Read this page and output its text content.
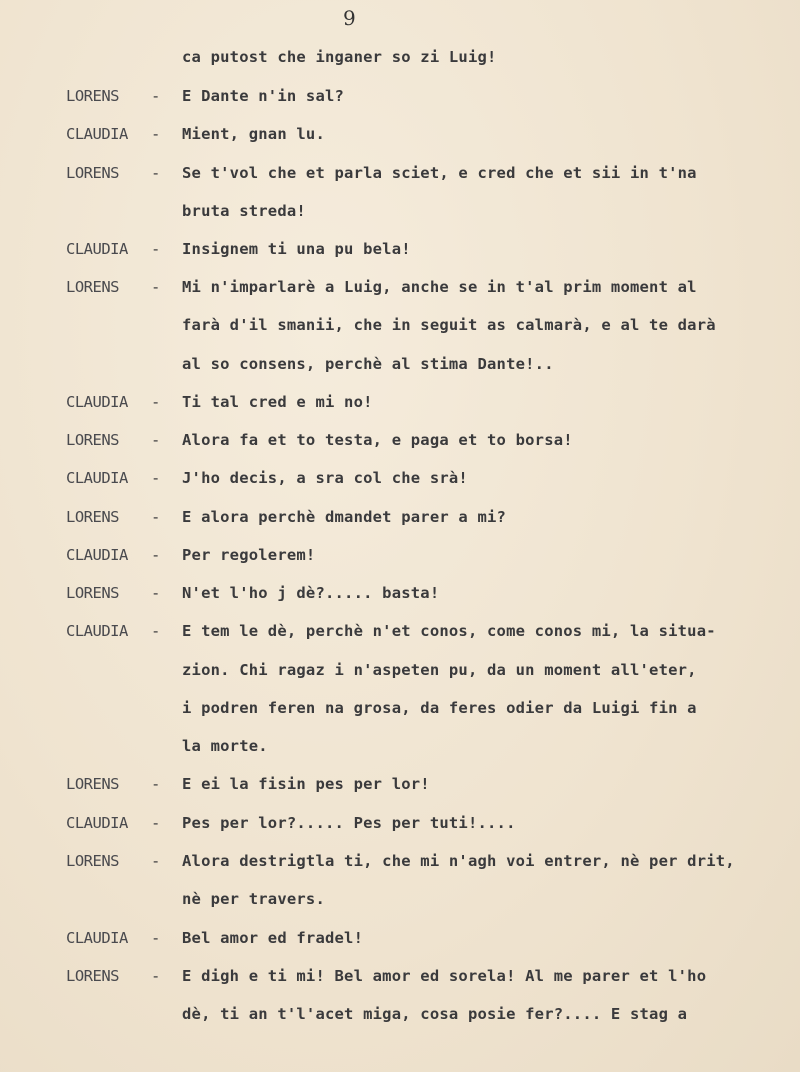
9
ca putost che inganer so zi Luig!
LORENS - E Dante n'in sal?
CLAUDIA - Mient, gnan lu.
LORENS - Se t'vol che et parla sciet, e cred che et sii in t'na
bruta streda!
CLAUDIA - Insignem ti una pu bela!
LORENS - Mi n'imparlarè a Luig, anche se in t'al prim moment al
farà d'il smanii, che in seguit as calmarà, e al te darà
al so consens, perchè al stima Dante!..
CLAUDIA - Ti tal cred e mi no!
LORENS - Alora fa et to testa, e paga et to borsa!
CLAUDIA - J'ho decis, a sra col che srà!
LORENS - E alora perchè dmandet parer a mi?
CLAUDIA - Per regolerem!
LORENS - N'et l'ho j dè?..... basta!
CLAUDIA - E tem le dè, perchè n'et conos, come conos mi, la situa-
zion. Chi ragaz i n'aspeten pu, da un moment all'eter,
i podren feren na grosa, da feres odier da Luigi fin a
la morte.
LORENS - E ei la fisin pes per lor!
CLAUDIA - Pes per lor?..... Pes per tuti!....
LORENS - Alora destrigtla ti, che mi n'agh voi entrer, nè per drit,
nè per travers.
CLAUDIA - Bel amor ed fradel!
LORENS - E digh e ti mi! Bel amor ed sorela! Al me parer et l'ho
dè, ti an t'l'acet miga, cosa posie fer?.... E stag a
